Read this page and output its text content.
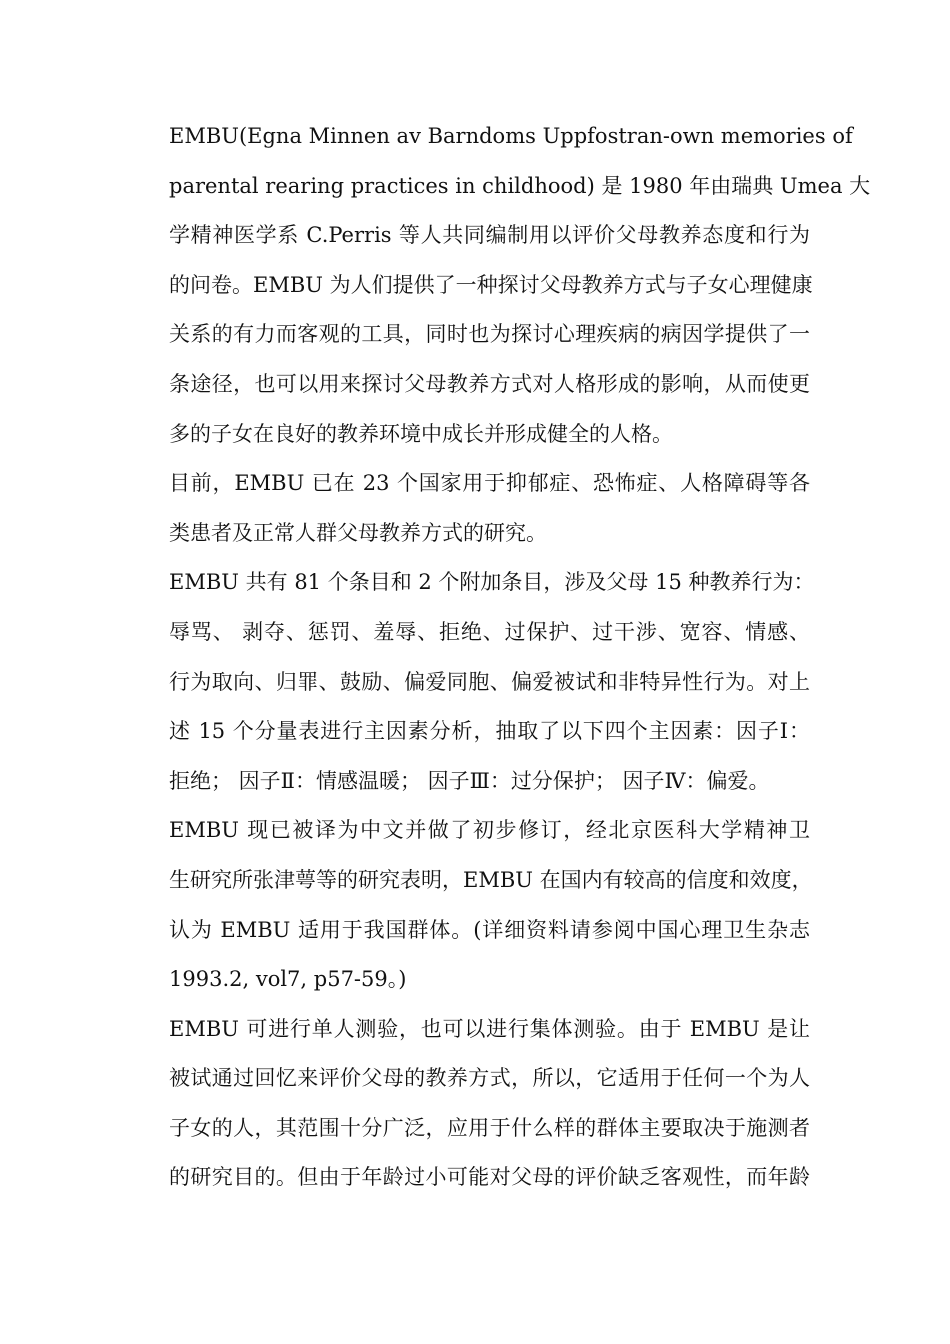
EMBU(Egna Minnen av Barndoms Uppfostran-own memories of
parental rearing practices in childhood) 是 1980 年由瑞典 Umea 大
学精神医学系 C.Perris 等人共同编制用以评价父母教养态度和行为
的问卷。EMBU 为人们提供了一种探讨父母教养方式与子女心理健康
关系的有力而客观的工具，同时也为探讨心理疾病的病因学提供了一
条途径，也可以用来探讨父母教养方式对人格形成的影响，从而使更
多的子女在良好的教养环境中成长并形成健全的人格。

目前，EMBU 已在 23 个国家用于抑郁症、恐怖症、人格障碍等各
类患者及正常人群父母教养方式的研究。

EMBU 共有 81 个条目和 2 个附加条目，涉及父母 15 种教养行为：
辱骂、 剥夺、惩罚、羞辱、拒绝、过保护、过干涉、宽容、情感、
行为取向、归罪、鼓励、偏爱同胞、偏爱被试和非特异性行为。对上
述 15 个分量表进行主因素分析，抽取了以下四个主因素：因子Ⅰ：
拒绝； 因子Ⅱ：情感温暖； 因子Ⅲ：过分保护； 因子Ⅳ：偏爱。

EMBU 现已被译为中文并做了初步修订，经北京医科大学精神卫
生研究所张津萼等的研究表明，EMBU 在国内有较高的信度和效度，
认为 EMBU 适用于我国群体。(详细资料请参阅中国心理卫生杂志
1993.2, vol7, p57-59。)

EMBU 可进行单人测验，也可以进行集体测验。由于 EMBU 是让
被试通过回忆来评价父母的教养方式，所以，它适用于任何一个为人
子女的人，其范围十分广泛，应用于什么样的群体主要取决于施测者
的研究目的。但由于年龄过小可能对父母的评价缺乏客观性，而年龄
